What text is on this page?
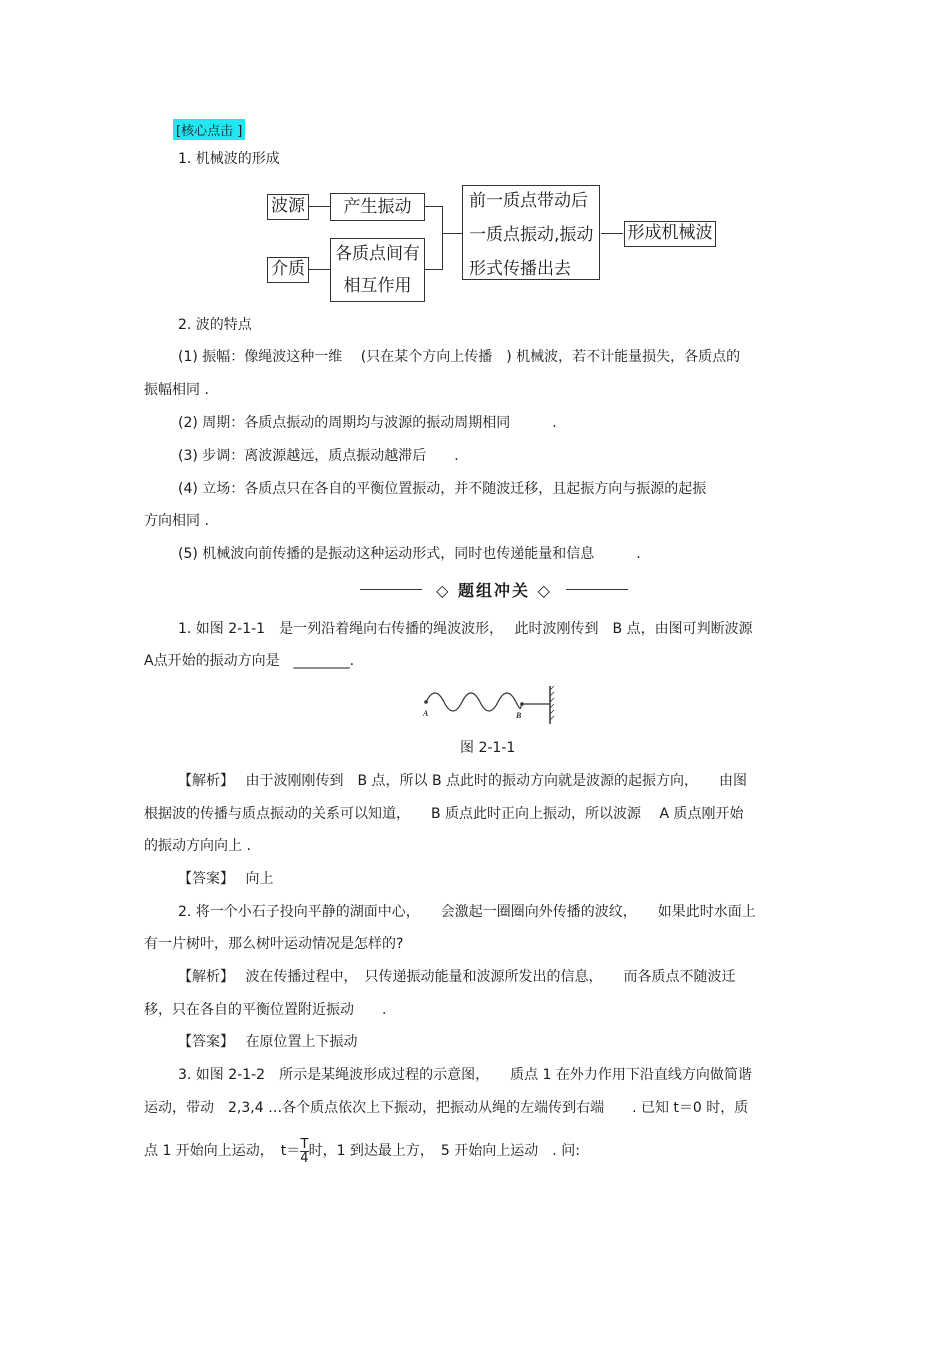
[核心点击 ]
1. 机械波的形成
波源
介质
产生振动
各质点间有
相互作用
前一质点带动后
一质点振动,振动
形式传播出去
形成机械波
2. 波的特点
(1) 振幅：像绳波这种一维　 (只在某个方向上传播　) 机械波，若不计能量损失，各质点的
振幅相同 .
(2) 周期：各质点振动的周期均与波源的振动周期相同　　　.
(3) 步调：离波源越远，质点振动越滞后　　.
(4) 立场：各质点只在各自的平衡位置振动，并不随波迁移，且起振方向与振源的起振
方向相同 .
(5) 机械波向前传播的是振动这种运动形式，同时也传递能量和信息　　　.
◇ 题组冲关 ◇
1. 如图 2-1-1　是一列沿着绳向右传播的绳波波形，　 此时波刚传到　B 点，由图可判断波源
A点开始的振动方向是　________.
A	B
图 2-1-1
【解析】　 由于波刚刚传到　B 点，所以 B 点此时的振动方向就是波源的起振方向，　　由图
根据波的传播与质点振动的关系可以知道，　　B 质点此时正向上振动，所以波源　 A 质点刚开始
的振动方向向上 .
【答案】　 向上
2. 将一个小石子投向平静的湖面中心，　　会激起一圈圈向外传播的波纹，　　如果此时水面上
有一片树叶，那么树叶运动情况是怎样的?
【解析】　 波在传播过程中，　只传递振动能量和波源所发出的信息，　　而各质点不随波迁
移，只在各自的平衡位置附近振动　　.
【答案】　 在原位置上下振动
3. 如图 2-1-2　所示是某绳波形成过程的示意图，　　质点 1 在外力作用下沿直线方向做简谐
运动，带动　2,3,4 …各个质点依次上下振动，把振动从绳的左端传到右端　　. 已知 t＝0 时，质
点 1 开始向上运动，　$t= \frac{T}{4}$ 时，1 到达最上方，　5 开始向上运动　. 问:
